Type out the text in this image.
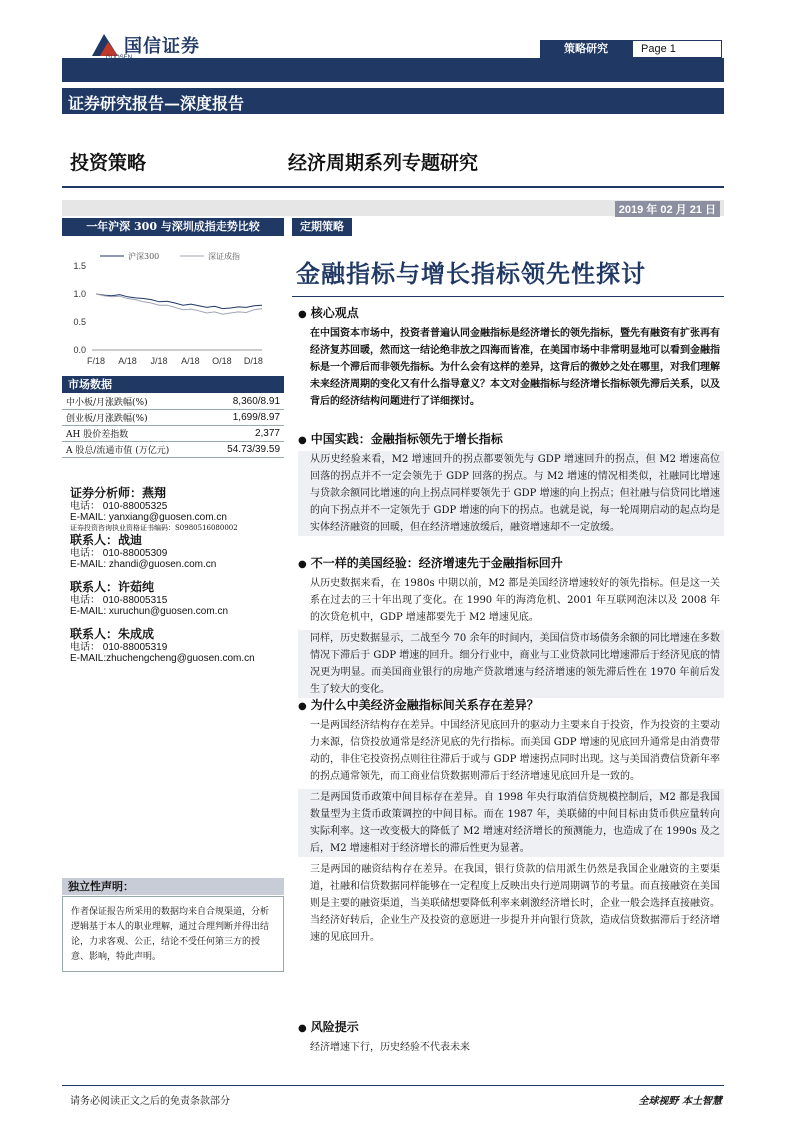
国信证券	策略研究	Page 1
证券研究报告—深度报告
投资策略	经济周期系列专题研究
2019 年 02 月 21 日
一年沪深 300 与深圳成指走势比较
1.5
1.0
0.5
0.0
F/18 A/18 J/18 A/18 O/18 D/18
沪深300	深证成指
市场数据
中小板/月涨跌幅(%)	8,360/8.91
创业板/月涨跌幅(%)	1,699/8.97
AH 股价差指数	2,377
A 股总/流通市值 (万亿元)	54.73/39.59
证券分析师：燕翔
电话： 010-88005325
E-MAIL: yanxiang@guosen.com.cn
证券投资咨询执业资格证书编码：S0980516080002
联系人：战迪
电话： 010-88005309
E-MAIL: zhandi@guosen.com.cn
联系人：许茹纯
电话： 010-88005315
E-MAIL: xuruchun@guosen.com.cn
联系人：朱成成
电话： 010-88005319
E-MAIL:zhuchengcheng@guosen.com.cn
独立性声明：
作者保证报告所采用的数据均来自合规渠道，分析逻辑基于本人的职业理解，通过合理判断并得出结论，力求客观、公正，结论不受任何第三方的授意、影响，特此声明。
定期策略
金融指标与增长指标领先性探讨
● 核心观点
在中国资本市场中，投资者普遍认同金融指标是经济增长的领先指标，暨先有融资有扩张再有经济复苏回暖，然而这一结论绝非放之四海而皆准，在美国市场中非常明显地可以看到金融指标是一个滞后而非领先指标。为什么会有这样的差异，这背后的微妙之处在哪里，对我们理解未来经济周期的变化又有什么指导意义？本文对金融指标与经济增长指标领先滞后关系，以及背后的经济结构问题进行了详细探讨。
● 中国实践：金融指标领先于增长指标
从历史经验来看，M2 增速回升的拐点都要领先与 GDP 增速回升的拐点，但 M2 增速高位回落的拐点并不一定会领先于 GDP 回落的拐点。与 M2 增速的情况相类似，社融同比增速与贷款余额同比增速的向上拐点同样要领先于 GDP 增速的向上拐点；但社融与信贷同比增速的向下拐点并不一定领先于 GDP 增速的向下的拐点。也就是说，每一轮周期启动的起点均是实体经济融资的回暖，但在经济增速放缓后，融资增速却不一定放缓。
● 不一样的美国经验：经济增速先于金融指标回升
从历史数据来看，在 1980s 中期以前，M2 都是美国经济增速较好的领先指标。但是这一关系在过去的三十年出现了变化。在 1990 年的海湾危机、2001 年互联网泡沫以及 2008 年的次贷危机中，GDP 增速都要先于 M2 增速见底。
同样，历史数据显示，二战至今 70 余年的时间内，美国信贷市场债务余额的同比增速在多数情况下滞后于 GDP 增速的回升。细分行业中，商业与工业贷款同比增速滞后于经济见底的情况更为明显。而美国商业银行的房地产贷款增速与经济增速的领先滞后性在 1970 年前后发生了较大的变化。
● 为什么中美经济金融指标间关系存在差异？
一是两国经济结构存在差异。中国经济见底回升的驱动力主要来自于投资，作为投资的主要动力来源，信贷投放通常是经济见底的先行指标。而美国 GDP 增速的见底回升通常是由消费带动的，非住宅投资拐点则往往滞后于或与 GDP 增速拐点同时出现。这与美国消费信贷新年率的拐点通常领先，而工商业信贷数据则滞后于经济增速见底回升是一致的。
二是两国货币政策中间目标存在差异。自 1998 年央行取消信贷规模控制后，M2 都是我国数量型为主货币政策调控的中间目标。而在 1987 年，美联储的中间目标由货币供应量转向实际利率。这一改变极大的降低了 M2 增速对经济增长的预测能力，也造成了在 1990s 及之后，M2 增速相对于经济增长的滞后性更为显著。
三是两国的融资结构存在差异。在我国，银行贷款的信用派生仍然是我国企业融资的主要渠道，社融和信贷数据同样能够在一定程度上反映出央行逆周期调节的考量。而直接融资在美国则是主要的融资渠道，当美联储想要降低利率来刺激经济增长时，企业一般会选择直接融资。当经济好转后，企业生产及投资的意愿进一步提升并向银行贷款，造成信贷数据滞后于经济增速的见底回升。
● 风险提示
经济增速下行，历史经验不代表未来
请务必阅读正文之后的免责条款部分	全球视野 本土智慧
